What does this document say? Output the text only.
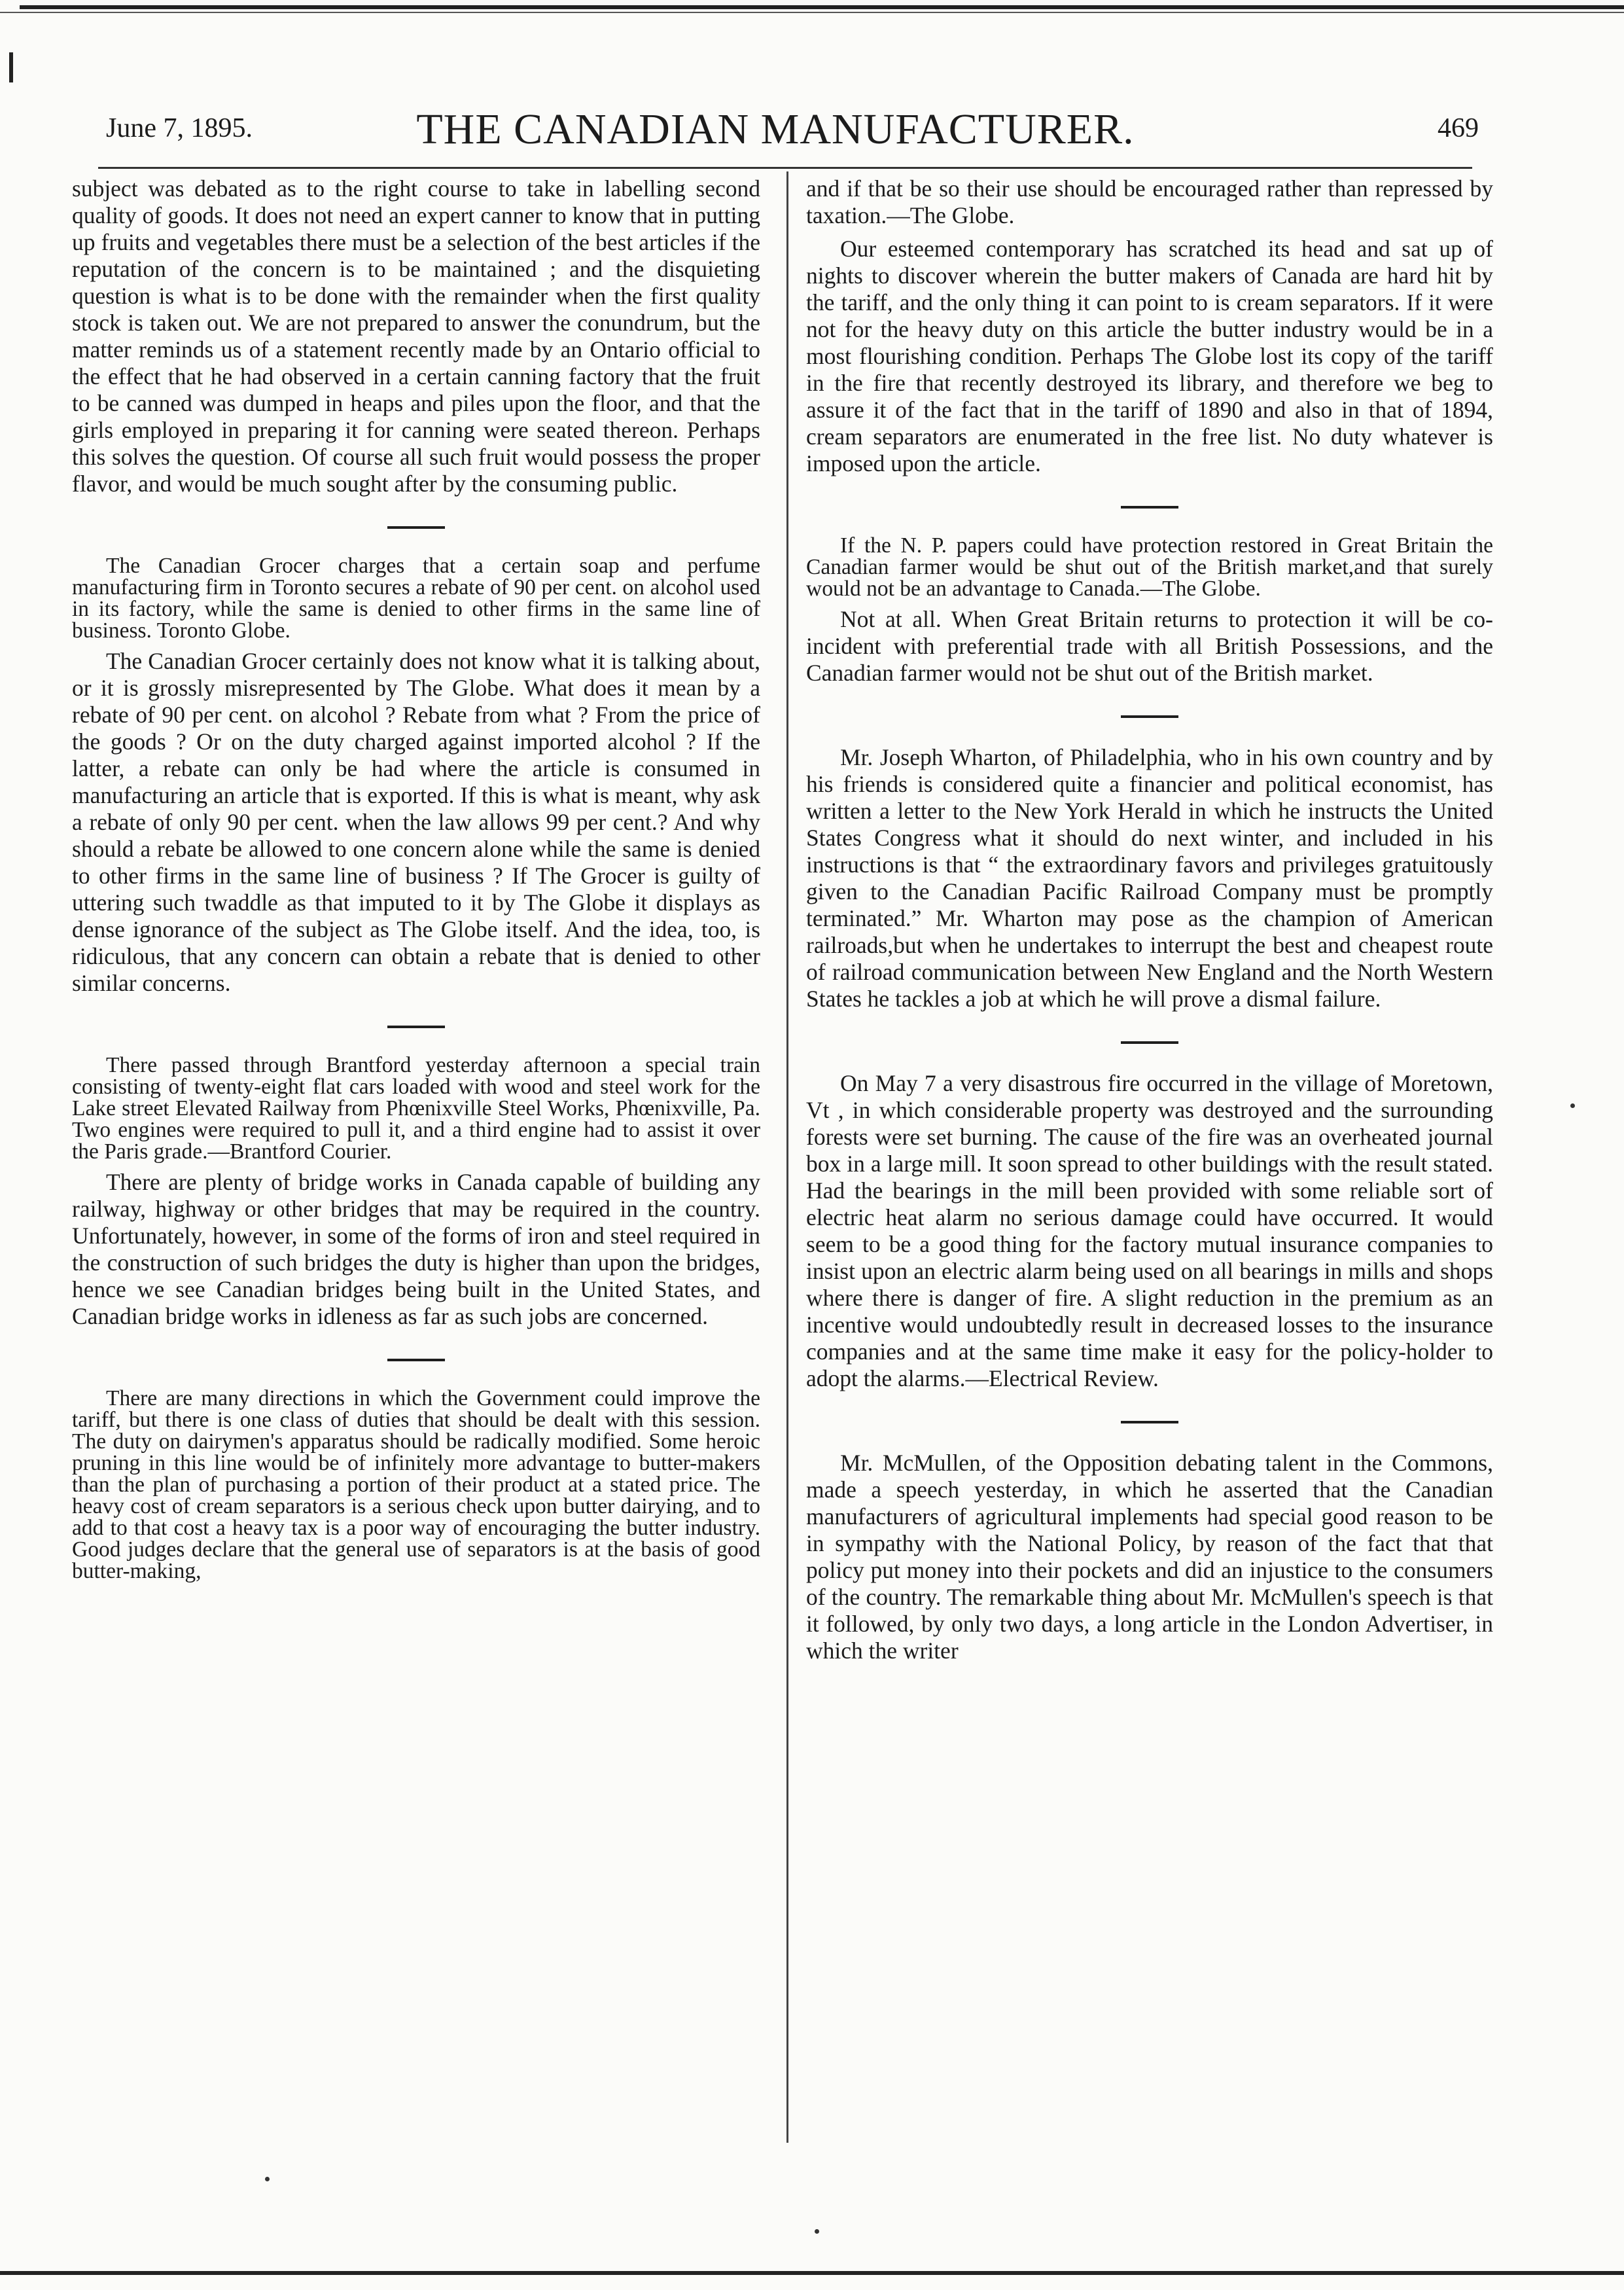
June 7, 1895.	THE CANADIAN MANUFACTURER.	469

subject was debated as to the right course to take in labelling second quality of goods. It does not need an expert canner to know that in putting up fruits and vegetables there must be a selection of the best articles if the reputation of the concern is to be maintained ; and the disquieting question is what is to be done with the remainder when the first quality stock is taken out. We are not prepared to answer the conundrum, but the matter reminds us of a statement recently made by an Ontario official to the effect that he had observed in a certain canning factory that the fruit to be canned was dumped in heaps and piles upon the floor, and that the girls employed in preparing it for canning were seated thereon. Perhaps this solves the question. Of course all such fruit would possess the proper flavor, and would be much sought after by the consuming public.

The Canadian Grocer charges that a certain soap and perfume manufacturing firm in Toronto secures a rebate of 90 per cent. on alcohol used in its factory, while the same is denied to other firms in the same line of business. Toronto Globe.

The Canadian Grocer certainly does not know what it is talking about, or it is grossly misrepresented by The Globe. What does it mean by a rebate of 90 per cent. on alcohol ? Rebate from what ? From the price of the goods ? Or on the duty charged against imported alcohol ? If the latter, a rebate can only be had where the article is consumed in manufacturing an article that is exported. If this is what is meant, why ask a rebate of only 90 per cent. when the law allows 99 per cent.? And why should a rebate be allowed to one concern alone while the same is denied to other firms in the same line of business ? If The Grocer is guilty of uttering such twaddle as that imputed to it by The Globe it displays as dense ignorance of the subject as The Globe itself. And the idea, too, is ridiculous, that any concern can obtain a rebate that is denied to other similar concerns.

There passed through Brantford yesterday afternoon a special train consisting of twenty-eight flat cars loaded with wood and steel work for the Lake street Elevated Railway from Phœnixville Steel Works, Phœnixville, Pa. Two engines were required to pull it, and a third engine had to assist it over the Paris grade.—Brantford Courier.

There are plenty of bridge works in Canada capable of building any railway, highway or other bridges that may be required in the country. Unfortunately, however, in some of the forms of iron and steel required in the construction of such bridges the duty is higher than upon the bridges, hence we see Canadian bridges being built in the United States, and Canadian bridge works in idleness as far as such jobs are concerned.

There are many directions in which the Government could improve the tariff, but there is one class of duties that should be dealt with this session. The duty on dairymen's apparatus should be radically modified. Some heroic pruning in this line would be of infinitely more advantage to butter-makers than the plan of purchasing a portion of their product at a stated price. The heavy cost of cream separators is a serious check upon butter dairying, and to add to that cost a heavy tax is a poor way of encouraging the butter industry. Good judges declare that the general use of separators is at the basis of good butter-making,

and if that be so their use should be encouraged rather than repressed by taxation.—The Globe.

Our esteemed contemporary has scratched its head and sat up of nights to discover wherein the butter makers of Canada are hard hit by the tariff, and the only thing it can point to is cream separators. If it were not for the heavy duty on this article the butter industry would be in a most flourishing condition. Perhaps The Globe lost its copy of the tariff in the fire that recently destroyed its library, and therefore we beg to assure it of the fact that in the tariff of 1890 and also in that of 1894, cream separators are enumerated in the free list. No duty whatever is imposed upon the article.

If the N. P. papers could have protection restored in Great Britain the Canadian farmer would be shut out of the British market,and that surely would not be an advantage to Canada.—The Globe.

Not at all. When Great Britain returns to protection it will be co-incident with preferential trade with all British Possessions, and the Canadian farmer would not be shut out of the British market.

Mr. Joseph Wharton, of Philadelphia, who in his own country and by his friends is considered quite a financier and political economist, has written a letter to the New York Herald in which he instructs the United States Congress what it should do next winter, and included in his instructions is that “ the extraordinary favors and privileges gratuitously given to the Canadian Pacific Railroad Company must be promptly terminated.” Mr. Wharton may pose as the champion of American railroads,but when he undertakes to interrupt the best and cheapest route of railroad communication between New England and the North Western States he tackles a job at which he will prove a dismal failure.

On May 7 a very disastrous fire occurred in the village of Moretown, Vt , in which considerable property was destroyed and the surrounding forests were set burning. The cause of the fire was an overheated journal box in a large mill. It soon spread to other buildings with the result stated. Had the bearings in the mill been provided with some reliable sort of electric heat alarm no serious damage could have occurred. It would seem to be a good thing for the factory mutual insurance companies to insist upon an electric alarm being used on all bearings in mills and shops where there is danger of fire. A slight reduction in the premium as an incentive would undoubtedly result in decreased losses to the insurance companies and at the same time make it easy for the policy-holder to adopt the alarms.—Electrical Review.

Mr. McMullen, of the Opposition debating talent in the Commons, made a speech yesterday, in which he asserted that the Canadian manufacturers of agricultural implements had special good reason to be in sympathy with the National Policy, by reason of the fact that that policy put money into their pockets and did an injustice to the consumers of the country. The remarkable thing about Mr. McMullen's speech is that it followed, by only two days, a long article in the London Advertiser, in which the writer
